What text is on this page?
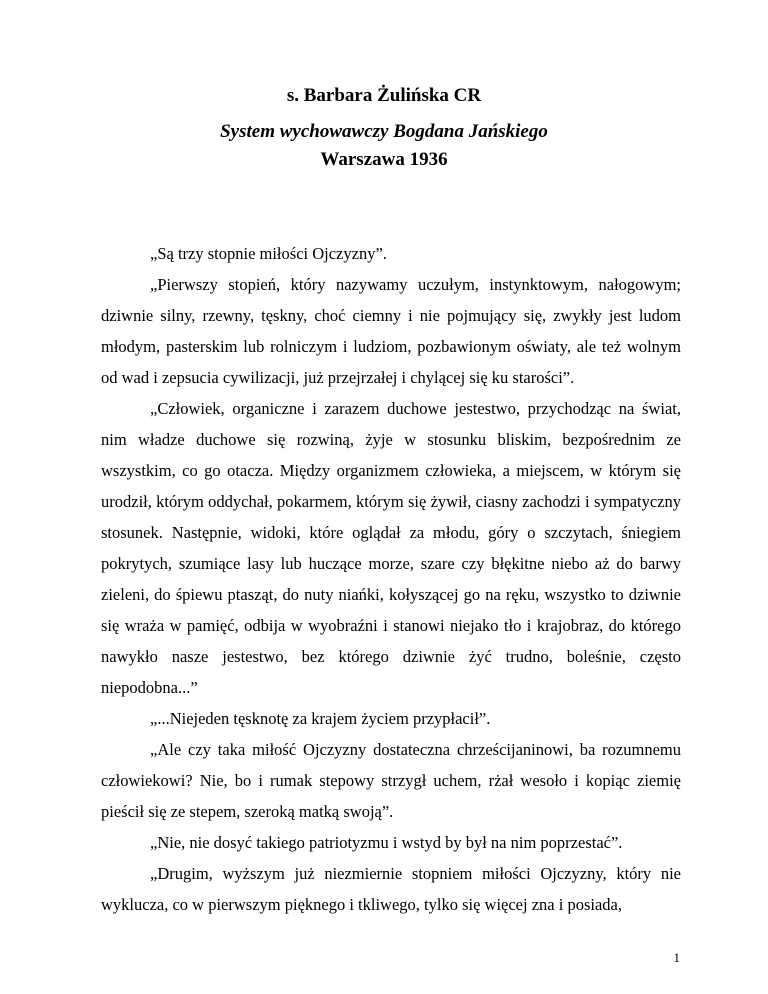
s. Barbara Żulińska CR

System wychowawczy Bogdana Jańskiego

Warszawa 1936

„Są trzy stopnie miłości Ojczyzny”.

„Pierwszy stopień, który nazywamy uczułym, instynktowym, nałogowym; dziwnie silny, rzewny, tęskny, choć ciemny i nie pojmujący się, zwykły jest ludom młodym, pasterskim lub rolniczym i ludziom, pozbawionym oświaty, ale też wolnym od wad i zepsucia cywilizacji, już przejrzałej i chylącej się ku starości”.

„Człowiek, organiczne i zarazem duchowe jestestwo, przychodząc na świat, nim władze duchowe się rozwiną, żyje w stosunku bliskim, bezpośrednim ze wszystkim, co go otacza. Między organizmem człowieka, a miejscem, w którym się urodził, którym oddychał, pokarmem, którym się żywił, ciasny zachodzi i sympatyczny stosunek. Następnie, widoki, które oglądał za młodu, góry o szczytach, śniegiem pokrytych, szumiące lasy lub huczące morze, szare czy błękitne niebo aż do barwy zieleni, do śpiewu ptasząt, do nuty niańki, kołyszącej go na ręku, wszystko to dziwnie się wraża w pamięć, odbija w wyobraźni i stanowi niejako tło i krajobraz, do którego nawykło nasze jestestwo, bez którego dziwnie żyć trudno, boleśnie, często niepodobna...”

„...Niejeden tęsknotę za krajem życiem przypłacił”.

„Ale czy taka miłość Ojczyzny dostateczna chrześcijaninowi, ba rozumnemu człowiekowi? Nie, bo i rumak stepowy strzygł uchem, rżał wesoło i kopiąc ziemię pieścił się ze stepem, szeroką matką swoją”.

„Nie, nie dosyć takiego patriotyzmu i wstyd by był na nim poprzestać”.

„Drugim, wyższym już niezmiernie stopniem miłości Ojczyzny, który nie wyklucza, co w pierwszym pięknego i tkliwego, tylko się więcej zna i posiada,

1
